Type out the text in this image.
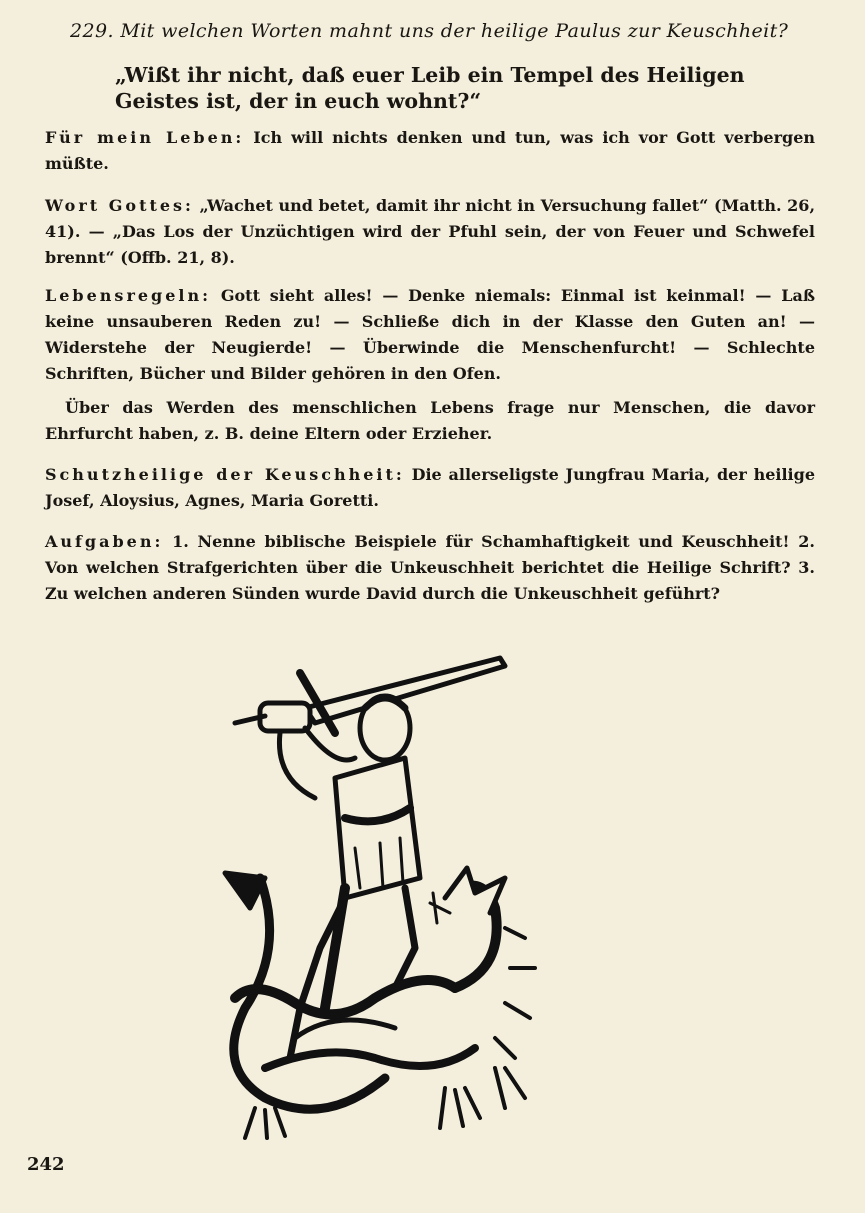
229. Mit welchen Worten mahnt uns der heilige Paulus zur Keuschheit?
„Wißt ihr nicht, daß euer Leib ein Tempel des Heiligen Geistes ist, der in euch wohnt?“
Für mein Leben: Ich will nichts denken und tun, was ich vor Gott verbergen müßte.
Wort Gottes: „Wachet und betet, damit ihr nicht in Versuchung fallet“ (Matth. 26, 41). — „Das Los der Unzüchtigen wird der Pfuhl sein, der von Feuer und Schwefel brennt“ (Offb. 21, 8).
Lebensregeln: Gott sieht alles! — Denke niemals: Einmal ist keinmal! — Laß keine unsauberen Reden zu! — Schließe dich in der Klasse den Guten an! — Widerstehe der Neugierde! — Überwinde die Menschenfurcht! — Schlechte Schriften, Bücher und Bilder gehören in den Ofen.
Über das Werden des menschlichen Lebens frage nur Menschen, die davor Ehrfurcht haben, z. B. deine Eltern oder Erzieher.
Schutzheilige der Keuschheit: Die allerseligste Jungfrau Maria, der heilige Josef, Aloysius, Agnes, Maria Goretti.
Aufgaben: 1. Nenne biblische Beispiele für Schamhaftigkeit und Keuschheit! 2. Von welchen Strafgerichten über die Unkeuschheit berichtet die Heilige Schrift? 3. Zu welchen anderen Sünden wurde David durch die Unkeuschheit geführt?
242
